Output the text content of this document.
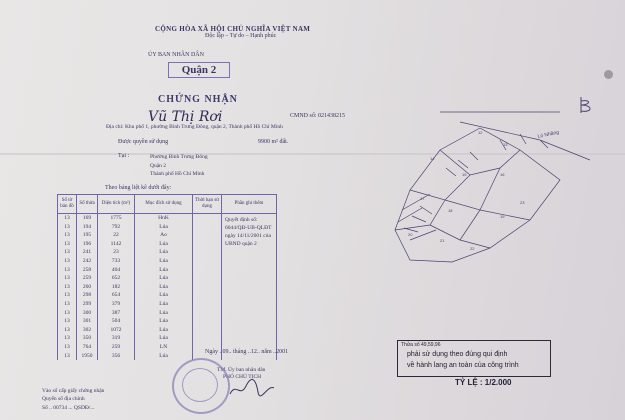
CỘNG HÒA XÃ HỘI CHỦ NGHĨA VIỆT NAM
Độc lập – Tự do – Hạnh phúc
ỦY BAN NHÂN DÂN
Quận 2
CHỨNG NHẬN
Vũ Thị Rơi	CMND số: 021438215
Địa chỉ: Khu phố 1, phường Bình Trưng Đông, quận 2, Thành phố Hồ Chí Minh
Được quyền sử dụng	9900 m² đất.
Tại :	Phường Bình Trưng Đông
Quận 2
Thành phố Hồ Chí Minh
Theo bảng liệt kê dưới đây:
Số tờ bản đồ	Số thửa	Diện tích (m²)	Mục đích sử dụng	Thời hạn sử dụng	Phần ghi thêm
13	169	1775	HnK		Quyết định số: 6044/QĐ-UB-QLĐT ngày 14/11/2001 của UBND quận 2
13	194	792	Lúa		
13	195	22	Ao		
13	196	1142	Lúa		
13	241	23	Lúa		
13	242	733	Lúa		
13	258	404	Lúa		
13	259	652	Lúa		
13	260	182	Lúa		
13	298	654	Lúa		
13	299	379	Lúa		
13	300	387	Lúa		
13	301	504	Lúa		
13	302	1072	Lúa		
13	350	319	Lúa		
13	764	259	LN		
13	1950	356	Lúa		
Ngày ..09.. tháng ..12.. năm ..2001
TM. Ủy ban nhân dân
PHÓ CHỦ TỊCH
Vào sổ cấp giấy chứng nhận
Quyển số địa chính
Số .. 00734 ... QSDĐ/...
12
13
14
15	16
17
18
19
20
21
22
23
Lò Nhăng
Thửa số 49,59,96
phải sử dụng theo đúng qui định
về hành lang an toàn của công trình
TỶ LỆ : 1/2.000
